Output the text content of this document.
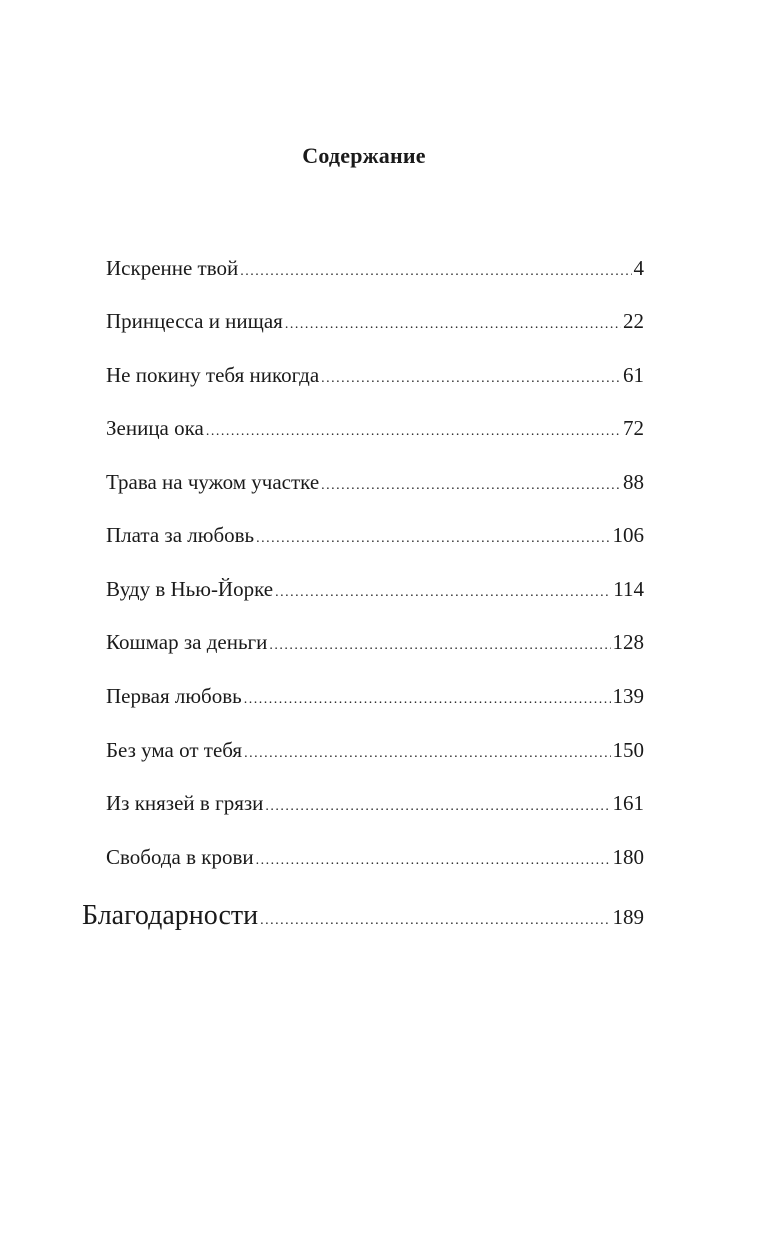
Содержание
Искренне твой .....	4
Принцесса и нищая .....	22
Не покину тебя никогда .....	61
Зеница ока .....	72
Трава на чужом участке .....	88
Плата за любовь .....	106
Вуду в Нью-Йорке .....	114
Кошмар за деньги .....	128
Первая любовь .....	139
Без ума от тебя .....	150
Из князей в грязи .....	161
Свобода в крови .....	180
Благодарности .....	189
